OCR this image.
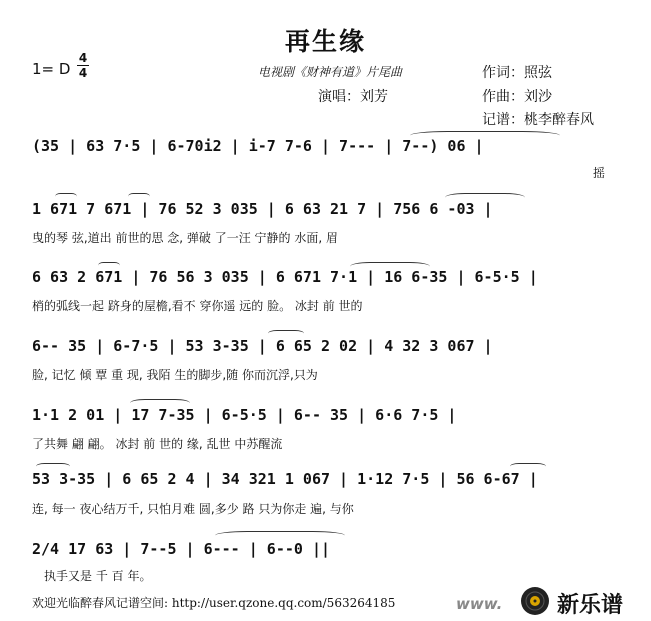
再生缘
1= D
4
4	电视剧《财神有道》片尾曲
演唱：刘芳
作词：照弦
作曲：刘沙
记谱：桃李醉春风
(35 | 63 7·5 | 6-70i2 | i-7 7-6 | 7--- | 7--) 06 |
摇
1 671 7 671 | 76 52 3 035 | 6 63 21 7 | 756 6 -03 |
曳的琴 弦,道出 前世的思 念, 弹破 了一汪 宁静的 水面, 眉
6 63 2 671 | 76 56 3 035 | 6 671 7·1 | 16 6-35 | 6-5·5 |
梢的弧线一起 跻身的屋檐,看不 穿你遥 远的 脸。 冰封 前 世的
6-- 35 | 6-7·5 | 53 3-35 | 6 65 2 02 | 4 32 3 067 |
脸, 记忆 倾 覃 重 现, 我陌 生的脚步,随 你而沉浮,只为
1·1 2 01 | 17 7-35 | 6-5·5 | 6-- 35 | 6·6 7·5 |
了共舞 翩 翩。 冰封 前 世的 缘, 乱世 中苏醒流
53 3-35 | 6 65 2 4 | 34 321 1 067 | 1·12 7·5 | 56 6-67 |
连, 每一 夜心结万千, 只怕月难 圆,多少 路 只为你走 遍, 与你
2/4 17 63 | 7--5 | 6--- | 6--0 ||
执手又是 千 百 年。
欢迎光临醉春风记谱空间: http://user.qzone.qq.com/563264185	www. 新乐谱
